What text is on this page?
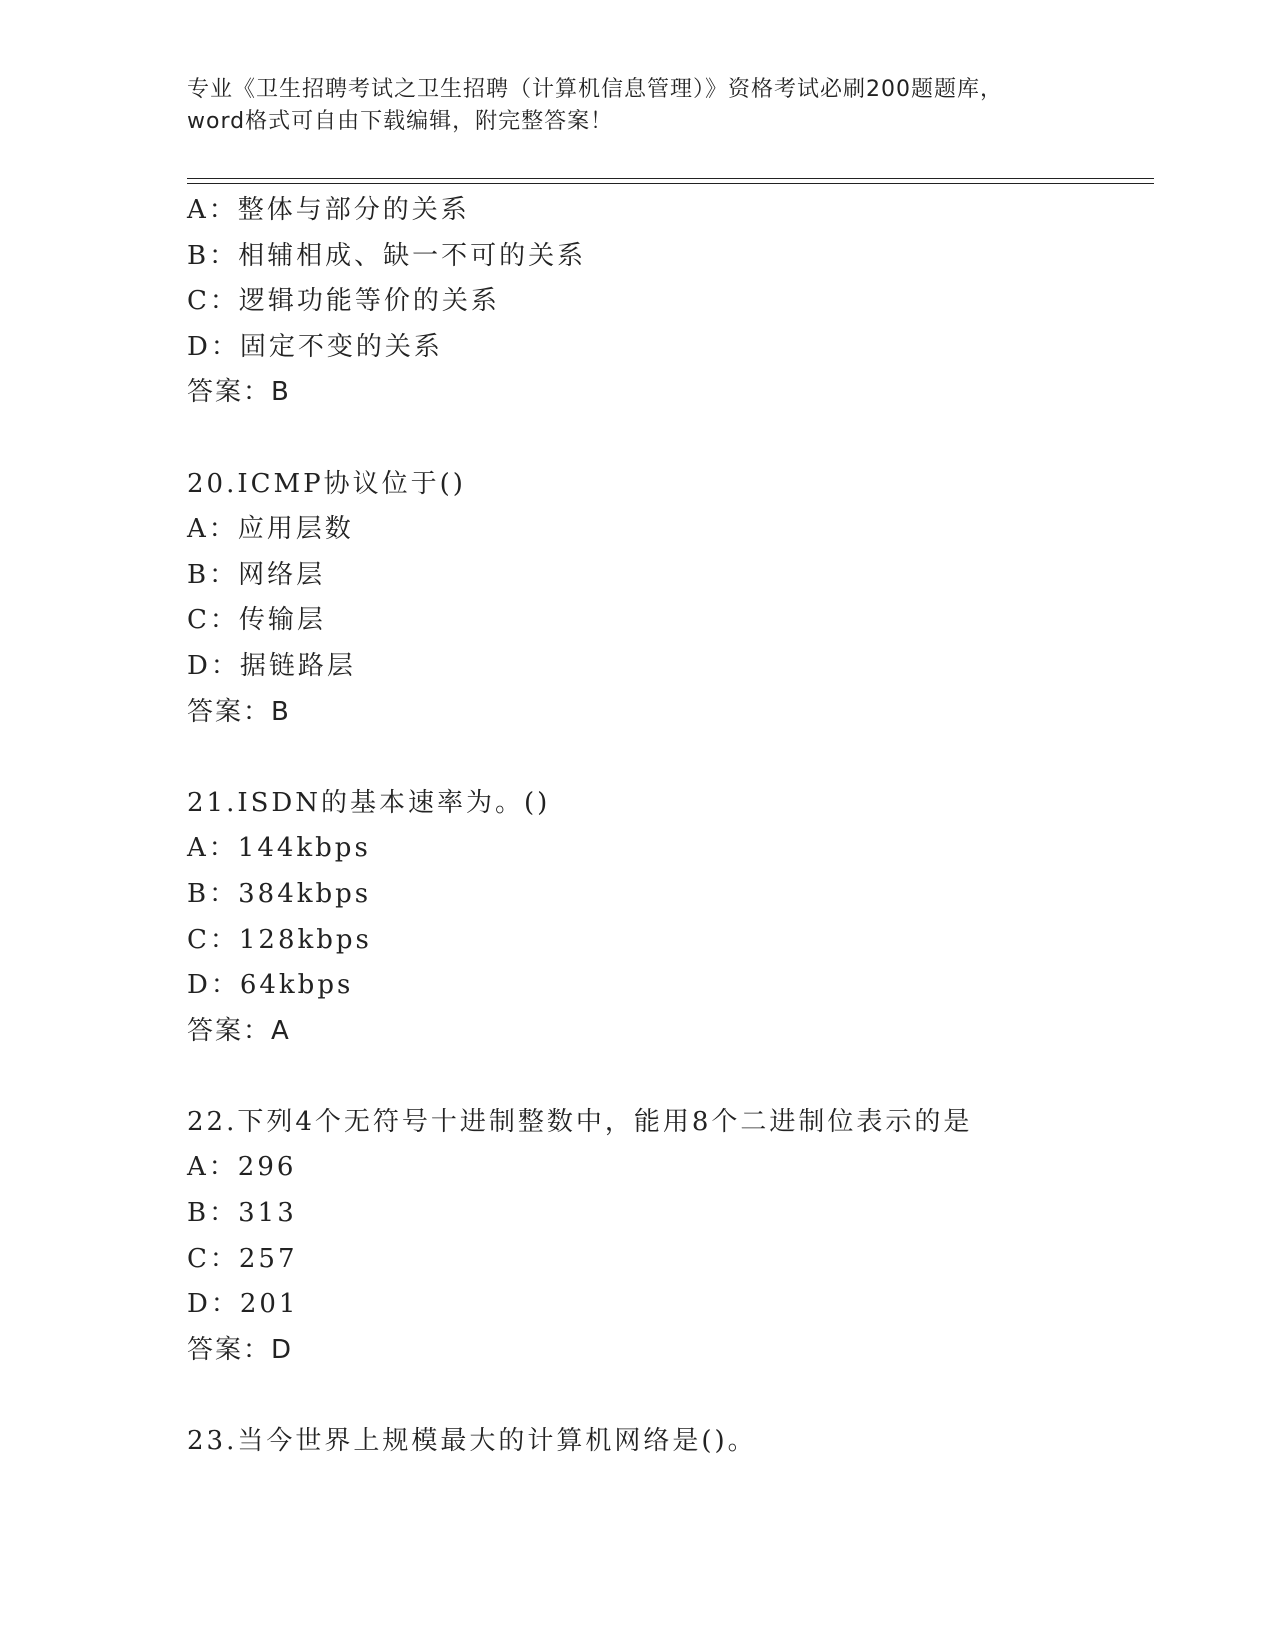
专业《卫生招聘考试之卫生招聘（计算机信息管理）》资格考试必刷200题题库，
word格式可自由下载编辑，附完整答案！
A：整体与部分的关系
B：相辅相成、缺一不可的关系
C：逻辑功能等价的关系
D：固定不变的关系
答案：B
20.ICMP协议位于()
A：应用层数
B：网络层
C：传输层
D：据链路层
答案：B
21.ISDN的基本速率为。()
A：144kbps
B：384kbps
C：128kbps
D：64kbps
答案：A
22.下列4个无符号十进制整数中，能用8个二进制位表示的是
A：296
B：313
C：257
D：201
答案：D
23.当今世界上规模最大的计算机网络是()。
